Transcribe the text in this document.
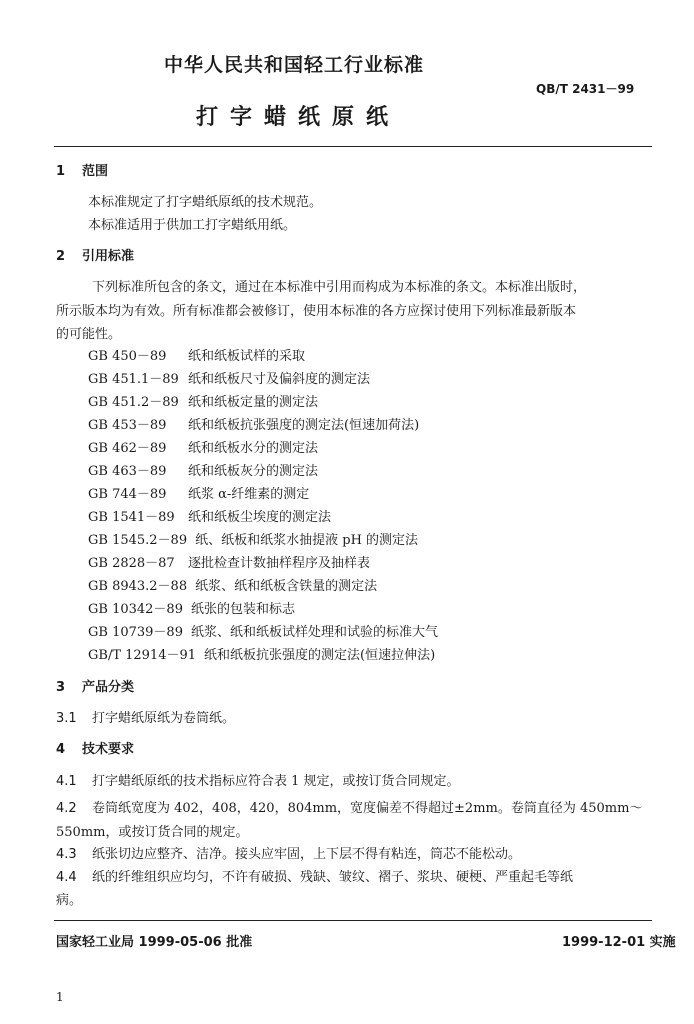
中华人民共和国轻工行业标准
QB/T 2431－99
打字蜡纸原纸
1 范围
本标准规定了打字蜡纸原纸的技术规范。
本标准适用于供加工打字蜡纸用纸。
2 引用标准
下列标准所包含的条文，通过在本标准中引用而构成为本标准的条文。本标准出版时，
所示版本均为有效。所有标准都会被修订，使用本标准的各方应探讨使用下列标准最新版本
的可能性。
GB 450－89 纸和纸板试样的采取
GB 451.1－89 纸和纸板尺寸及偏斜度的测定法
GB 451.2－89 纸和纸板定量的测定法
GB 453－89 纸和纸板抗张强度的测定法(恒速加荷法)
GB 462－89 纸和纸板水分的测定法
GB 463－89 纸和纸板灰分的测定法
GB 744－89 纸浆 α-纤维素的测定
GB 1541－89 纸和纸板尘埃度的测定法
GB 1545.2－89 纸、纸板和纸浆水抽提液 pH 的测定法
GB 2828－87 逐批检查计数抽样程序及抽样表
GB 8943.2－88 纸浆、纸和纸板含铁量的测定法
GB 10342－89 纸张的包装和标志
GB 10739－89 纸浆、纸和纸板试样处理和试验的标准大气
GB/T 12914－91 纸和纸板抗张强度的测定法(恒速拉伸法)
3 产品分类
3.1 打字蜡纸原纸为卷筒纸。
4 技术要求
4.1 打字蜡纸原纸的技术指标应符合表 1 规定，或按订货合同规定。
4.2 卷筒纸宽度为 402，408，420，804mm，宽度偏差不得超过±2mm。卷筒直径为 450mm～
550mm，或按订货合同的规定。
4.3 纸张切边应整齐、洁净。接头应牢固，上下层不得有粘连，筒芯不能松动。
4.4 纸的纤维组织应均匀，不许有破损、残缺、皱纹、褶子、浆块、硬梗、严重起毛等纸
病。
国家轻工业局 1999-05-06 批准	1999-12-01 实施
1
